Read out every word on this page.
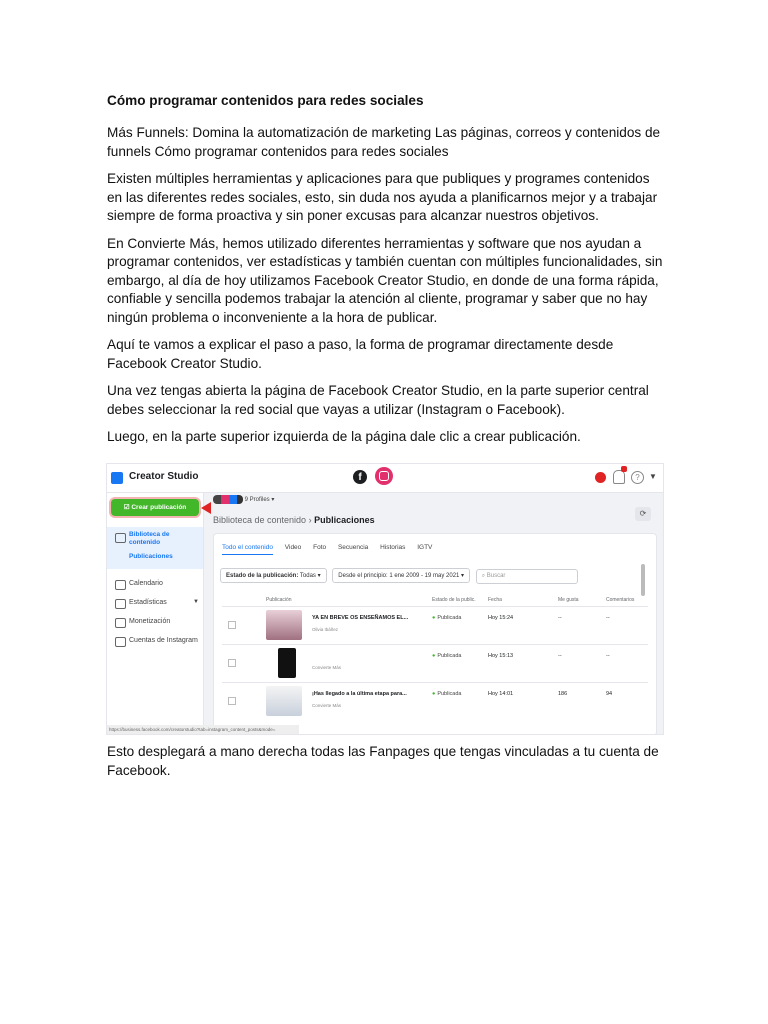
Cómo programar contenidos para redes sociales

Más Funnels: Domina la automatización de marketing Las páginas, correos y contenidos de funnels Cómo programar contenidos para redes sociales

Existen múltiples herramientas y aplicaciones para que publiques y programes contenidos en las diferentes redes sociales, esto, sin duda nos ayuda a planificarnos mejor y a trabajar siempre de forma proactiva y sin poner excusas para alcanzar nuestros objetivos.

En Convierte Más, hemos utilizado diferentes herramientas y software que nos ayudan a programar contenidos, ver estadísticas y también cuentan con múltiples funcionalidades, sin embargo, al día de hoy utilizamos Facebook Creator Studio, en donde de una forma rápida, confiable y sencilla podemos trabajar la atención al cliente, programar y saber que no hay ningún problema o inconveniente a la hora de publicar.

Aquí te vamos a explicar el paso a paso, la forma de programar directamente desde Facebook Creator Studio.

Una vez tengas abierta la página de Facebook Creator Studio, en la parte superior central debes seleccionar la red social que vayas a utilizar (Instagram o Facebook).

Luego, en la parte superior izquierda de la página dale clic a crear publicación.

Creator Studio	f	?	▼
☑ Crear publicación
Biblioteca de contenido
Publicaciones
Calendario
Estadísticas	▼
Monetización
Cuentas de Instagram
9 Profiles ▾
Biblioteca de contenido › Publicaciones
⟳
Todo el contenido Video Foto Secuencia Historias IGTV
Estado de la publicación: Todas ▾	Desde el principio: 1 ene 2009 - 19 may 2021 ▾	⌕ Buscar
Publicación	Estado de la public. Fecha	Me gusta	Comentarios
YA EN BREVE OS ENSEÑAMOS EL...
Olivia Ibáñez
● Publicada	Hoy 15:24	--	--
Convierte Más
● Publicada	Hoy 15:13	--	--
¡Has llegado a la última etapa para...
Convierte Más
● Publicada	Hoy 14:01	186	94
https://business.facebook.com/creatorstudio?tab=instagram_content_posts&mode=

Esto desplegará a mano derecha todas las Fanpages que tengas vinculadas a tu cuenta de Facebook.
